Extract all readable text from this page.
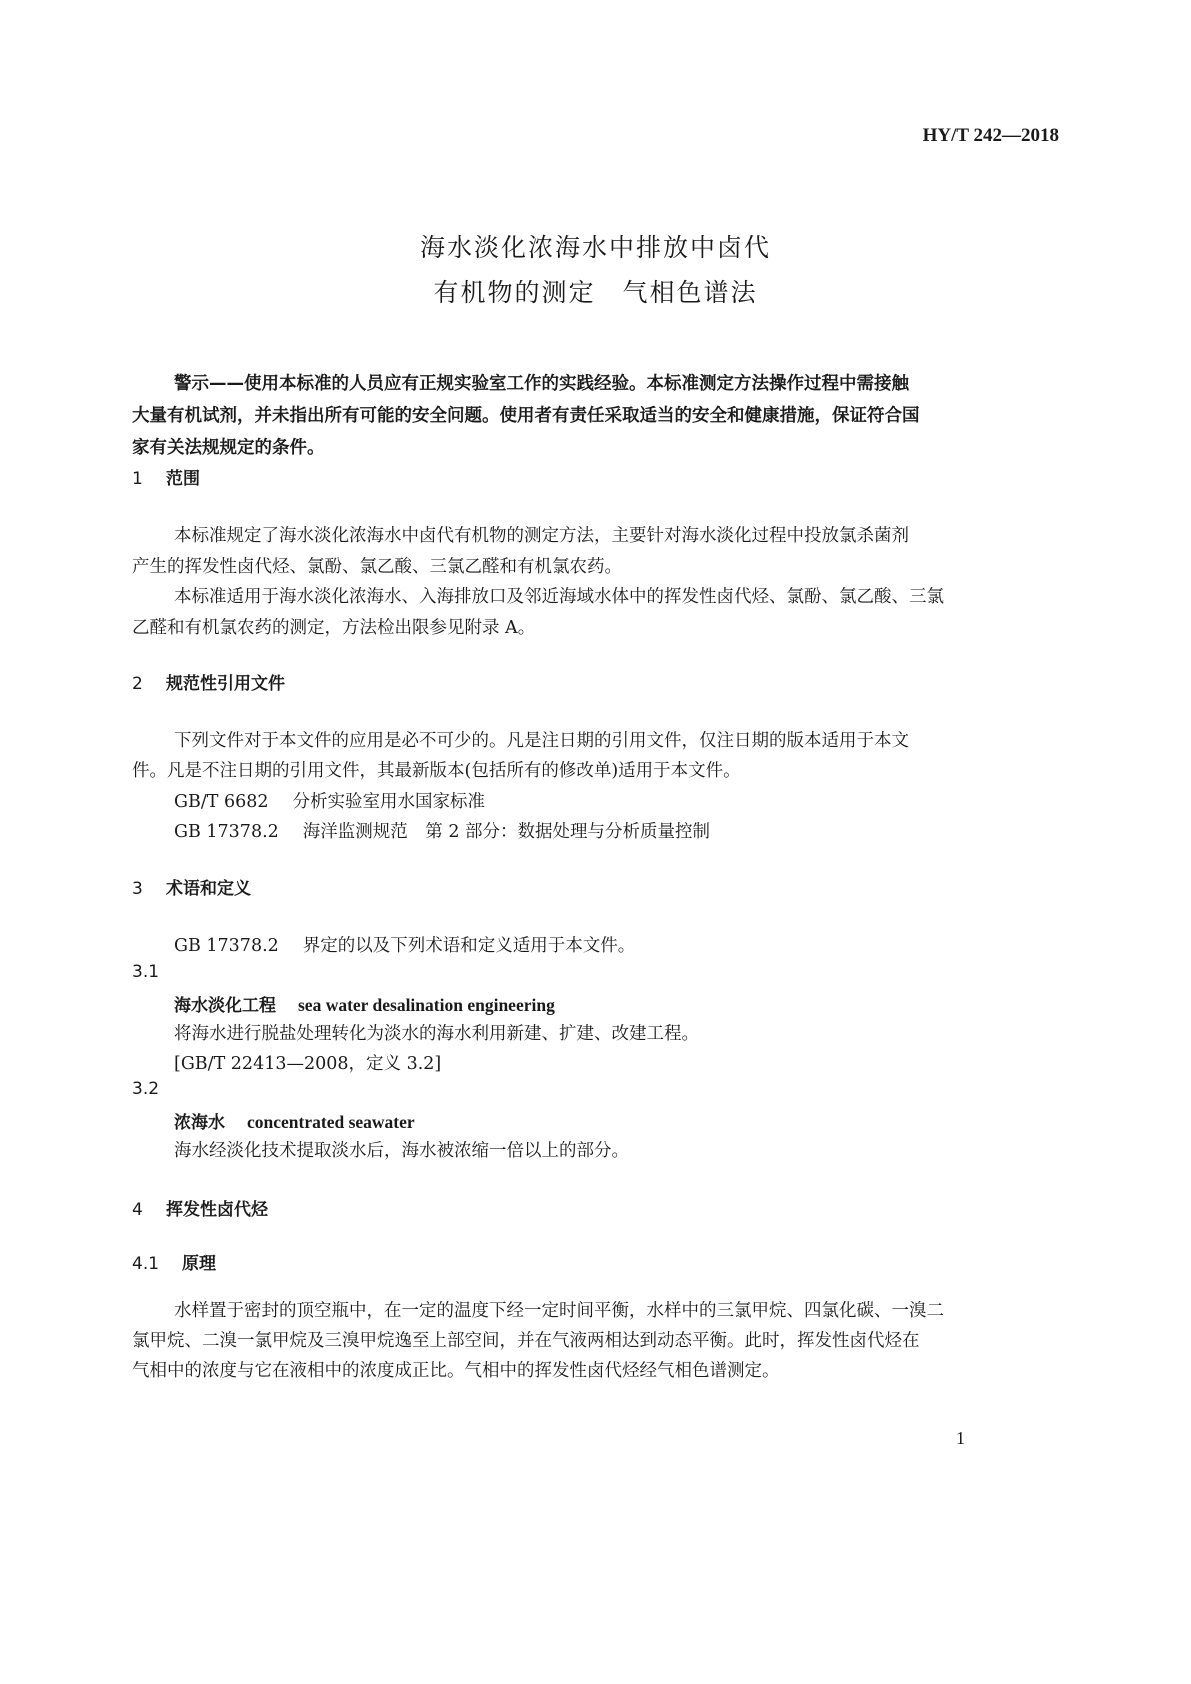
HY/T 242—2018
海水淡化浓海水中排放中卤代
有机物的测定　气相色谱法
警示——使用本标准的人员应有正规实验室工作的实践经验。本标准测定方法操作过程中需接触
大量有机试剂，并未指出所有可能的安全问题。使用者有责任采取适当的安全和健康措施，保证符合国
家有关法规规定的条件。
1 范围
本标准规定了海水淡化浓海水中卤代有机物的测定方法，主要针对海水淡化过程中投放氯杀菌剂
产生的挥发性卤代烃、氯酚、氯乙酸、三氯乙醛和有机氯农药。
本标准适用于海水淡化浓海水、入海排放口及邻近海域水体中的挥发性卤代烃、氯酚、氯乙酸、三氯
乙醛和有机氯农药的测定，方法检出限参见附录 A。
2 规范性引用文件
下列文件对于本文件的应用是必不可少的。凡是注日期的引用文件，仅注日期的版本适用于本文
件。凡是不注日期的引用文件，其最新版本(包括所有的修改单)适用于本文件。
GB/T 6682 分析实验室用水国家标准
GB 17378.2 海洋监测规范　第 2 部分：数据处理与分析质量控制
3 术语和定义
GB 17378.2 界定的以及下列术语和定义适用于本文件。
3.1
海水淡化工程 sea water desalination engineering
将海水进行脱盐处理转化为淡水的海水利用新建、扩建、改建工程。
[GB/T 22413—2008，定义 3.2]
3.2
浓海水 concentrated seawater
海水经淡化技术提取淡水后，海水被浓缩一倍以上的部分。
4 挥发性卤代烃
4.1 原理
水样置于密封的顶空瓶中，在一定的温度下经一定时间平衡，水样中的三氯甲烷、四氯化碳、一溴二
氯甲烷、二溴一氯甲烷及三溴甲烷逸至上部空间，并在气液两相达到动态平衡。此时，挥发性卤代烃在
气相中的浓度与它在液相中的浓度成正比。气相中的挥发性卤代烃经气相色谱测定。
1
